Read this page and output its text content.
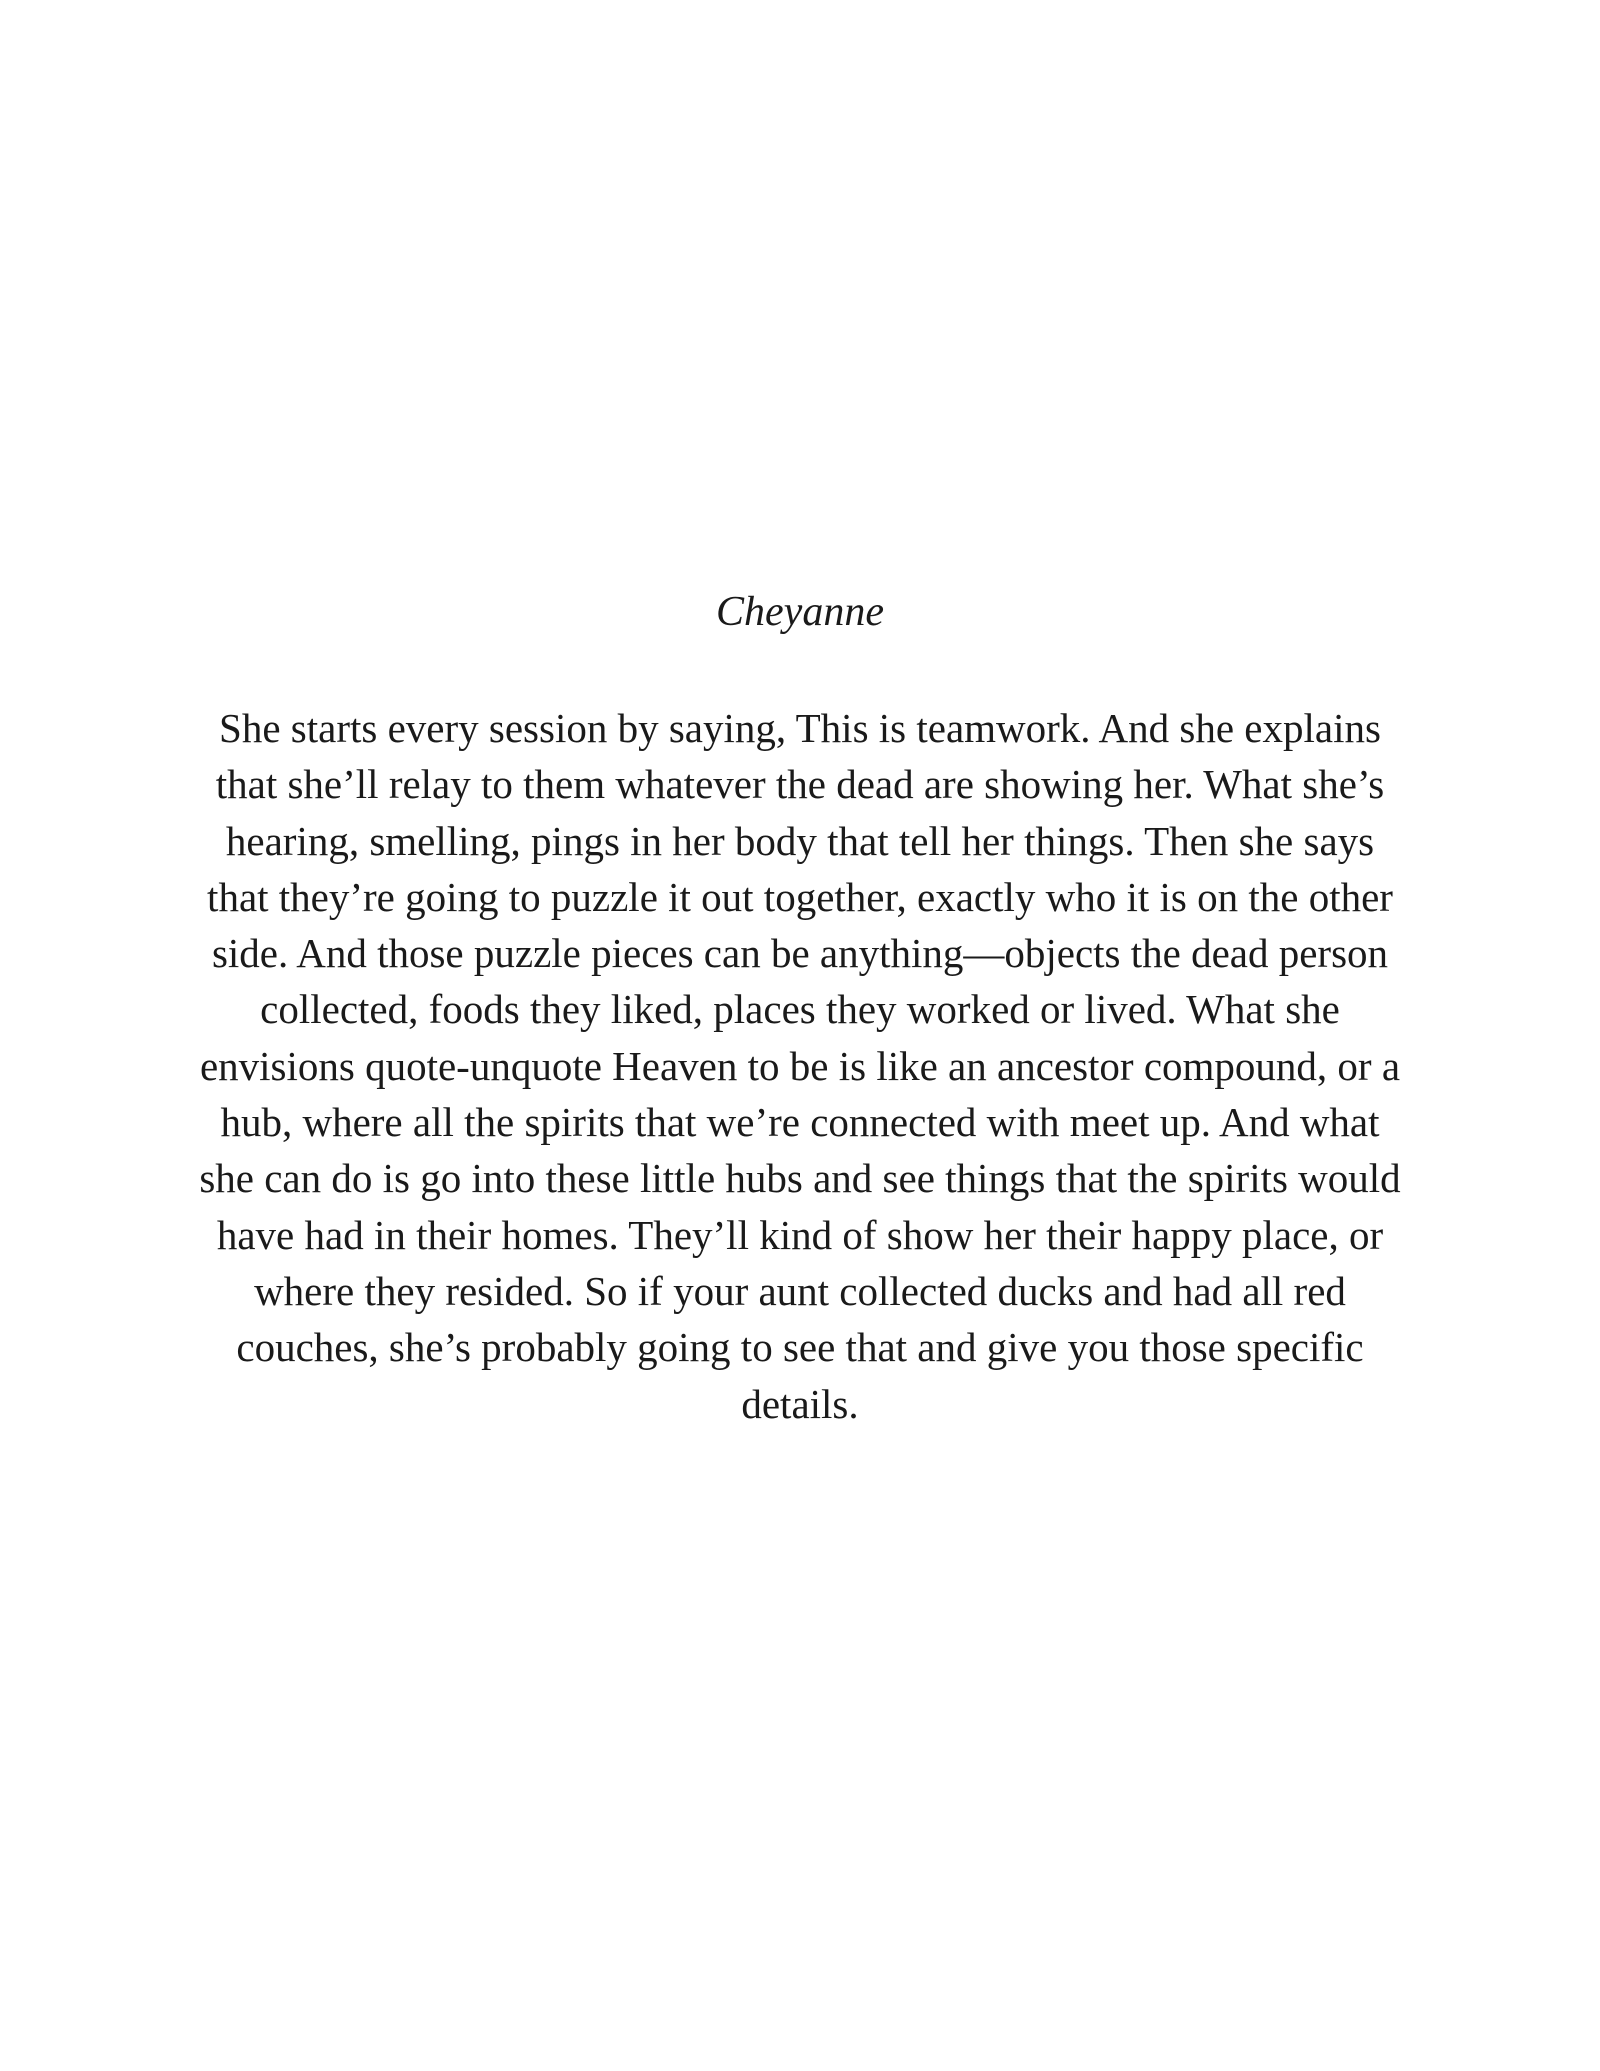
Cheyanne
She starts every session by saying, This is teamwork. And she explains
that she’ll relay to them whatever the dead are showing her. What she’s
hearing, smelling, pings in her body that tell her things. Then she says
that they’re going to puzzle it out together, exactly who it is on the other
side. And those puzzle pieces can be anything—objects the dead person
collected, foods they liked, places they worked or lived. What she
envisions quote-unquote Heaven to be is like an ancestor compound, or a
hub, where all the spirits that we’re connected with meet up. And what
she can do is go into these little hubs and see things that the spirits would
have had in their homes. They’ll kind of show her their happy place, or
where they resided. So if your aunt collected ducks and had all red
couches, she’s probably going to see that and give you those specific
details.
